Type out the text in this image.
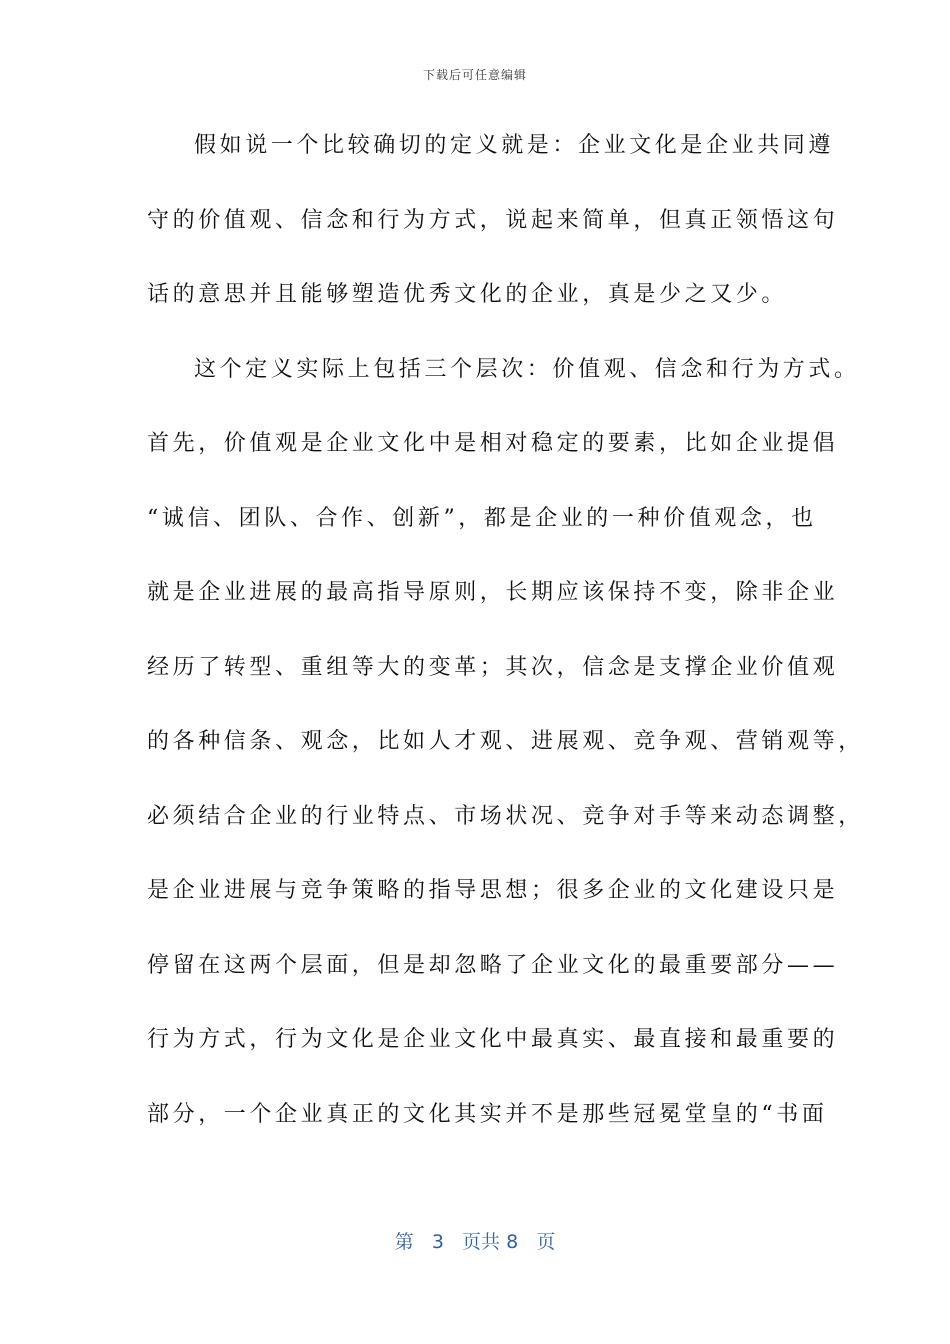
下载后可任意编辑
假如说一个比较确切的定义就是：企业文化是企业共同遵
守的价值观、信念和行为方式，说起来简单，但真正领悟这句
话的意思并且能够塑造优秀文化的企业，真是少之又少。
这个定义实际上包括三个层次：价值观、信念和行为方式。
首先，价值观是企业文化中是相对稳定的要素，比如企业提倡
“诚信、团队、合作、创新”，都是企业的一种价值观念，也
就是企业进展的最高指导原则，长期应该保持不变，除非企业
经历了转型、重组等大的变革；其次，信念是支撑企业价值观
的各种信条、观念，比如人才观、进展观、竞争观、营销观等，
必须结合企业的行业特点、市场状况、竞争对手等来动态调整，
是企业进展与竞争策略的指导思想；很多企业的文化建设只是
停留在这两个层面，但是却忽略了企业文化的最重要部分——
行为方式，行为文化是企业文化中最真实、最直接和最重要的
部分，一个企业真正的文化其实并不是那些冠冕堂皇的“书面
第 3 页共 8 页
